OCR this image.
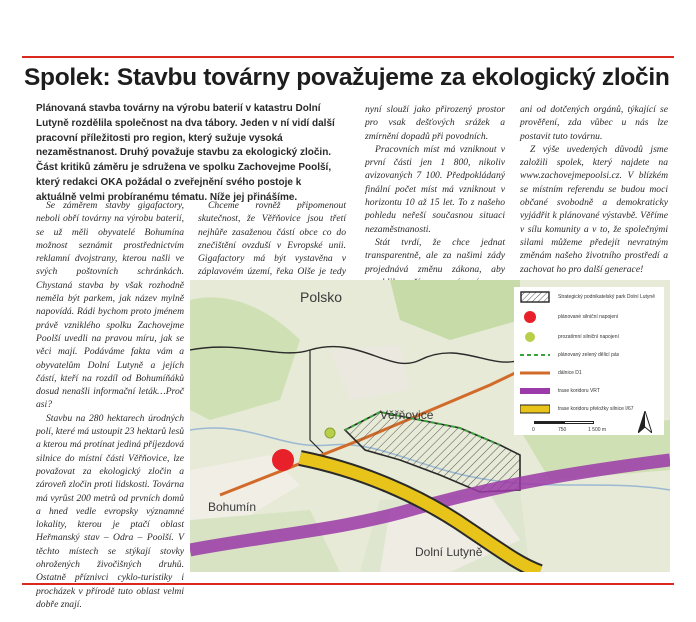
Spolek: Stavbu továrny považujeme za ekologický zločin
Plánovaná stavba továrny na výrobu baterií v katastru Dolní Lutyně rozdělila společnost na dva tábory. Jeden v ní vidí další pracovní příležitosti pro region, který sužuje vysoká nezaměstnanost. Druhý považuje stavbu za ekologický zločin. Část kritiků záměru je sdružena ve spolku Zachovejme Poolší, který redakci OKA požádal o zveřejnění svého postoje k aktuálně velmi probíranému tématu. Níže jej přinášíme.

Se záměrem stavby gigafactory, neboli obří továrny na výrobu baterií, se už měli obyvatelé Bohumína možnost seznámit prostřednictvím reklamní dvojstrany, kterou našli ve svých poštovních schránkách. Chystaná stavba by však rozhodně neměla být parkem, jak název mylně napovídá. Rádi bychom proto jménem právě vzniklého spolku Zachovejme Poolší uvedli na pravou míru, jak se věci mají. Podáváme fakta vám a obyvatelům Dolní Lutyně a jejích částí, kteří na rozdíl od Bohumíňáků dosud nenašli informační leták…Proč asi?

Stavbu na 280 hektarech úrodných polí, které má ustoupit 23 hektarů lesů a kterou má protínat jediná příjezdová silnice do místní části Věřňovice, lze považovat za ekologický zločin a zároveň zločin proti lidskosti. Továrna má vyrůst 200 metrů od prvních domů a hned vedle evropsky významné lokality, kterou je ptačí oblast Heřmanský stav – Odra – Poolší. V těchto místech se stýkají stovky ohrožených živočišných druhů. Ostatně příznivci cyklo-turistiky i procházek v přírodě tuto oblast velmi dobře znají.

Chceme rovněž připomenout skutečnost, že Věřňovice jsou třetí nejhůře zasaženou částí obce co do znečištění ovzduší v Evropské unii. Gigafactory má být vystavěna v záplavovém území, řeka Olše je tedy

nyní slouží jako přirozený prostor pro vsak dešťových srážek a zmírnění dopadů při povodních.

Pracovních míst má vzniknout v první části jen 1 800, nikoliv avizovaných 7 100. Předpokládaný finální počet míst má vzniknout v horizontu 10 až 15 let. To z našeho pohledu neřeší současnou situaci nezaměstnanosti.

Stát tvrdí, že chce jednat transparentně, ale za našimi zády projednává změnu zákona, aby

ani od dotčených orgánů, týkající se prověření, zda vůbec u nás lze postavit tuto továrnu.

Z výše uvedených důvodů jsme založili spolek, který najdete na www.zachovejmepoolsi.cz. V blízkém se místním referendu se budou moci občané svobodně a demokraticky vyjádřit k plánované výstavbě. Věříme v sílu komunity a v to, že společnými silami můžeme předejít nevratným změnám našeho životního prostředí a zachovat ho pro další generace!

Polsko
Věřňovice
Bohumín
Dolní Lutyně
Strategický podnikatelský park Dolní Lutyně
plánované silniční napojení
prozatímní silniční napojení
plánovaný zelený dělicí pás
dálnice D1
trase koridoru VRT
trase koridoru přeložky silnice I/67
0	750	1 500 m
